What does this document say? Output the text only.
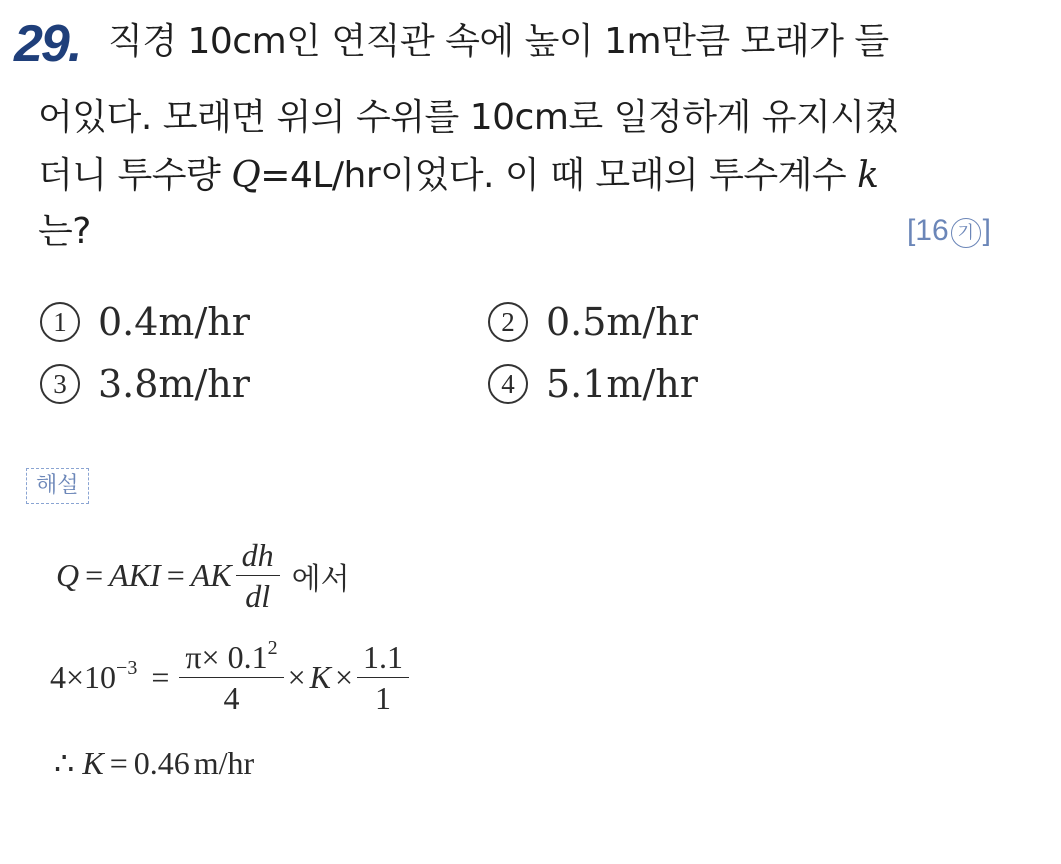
29. 직경 10cm인 연직관 속에 높이 1m만큼 모래가 들
어있다. 모래면 위의 수위를 10cm로 일정하게 유지시켰
더니 투수량 Q=4L/hr이었다. 이 때 모래의 투수계수 k
는?	[16 기 ]
1 0.4m/hr	2 0.5m/hr
3 3.8m/hr	4 5.1m/hr
해설
Q = AKI = AK $\frac{dh}{dl}$ 에서
$4\times 10^{-3} = \frac{\pi\times 0.1^2}{4} \times K \times \frac{1.1}{1}$
∴ K = 0.46 m/hr
